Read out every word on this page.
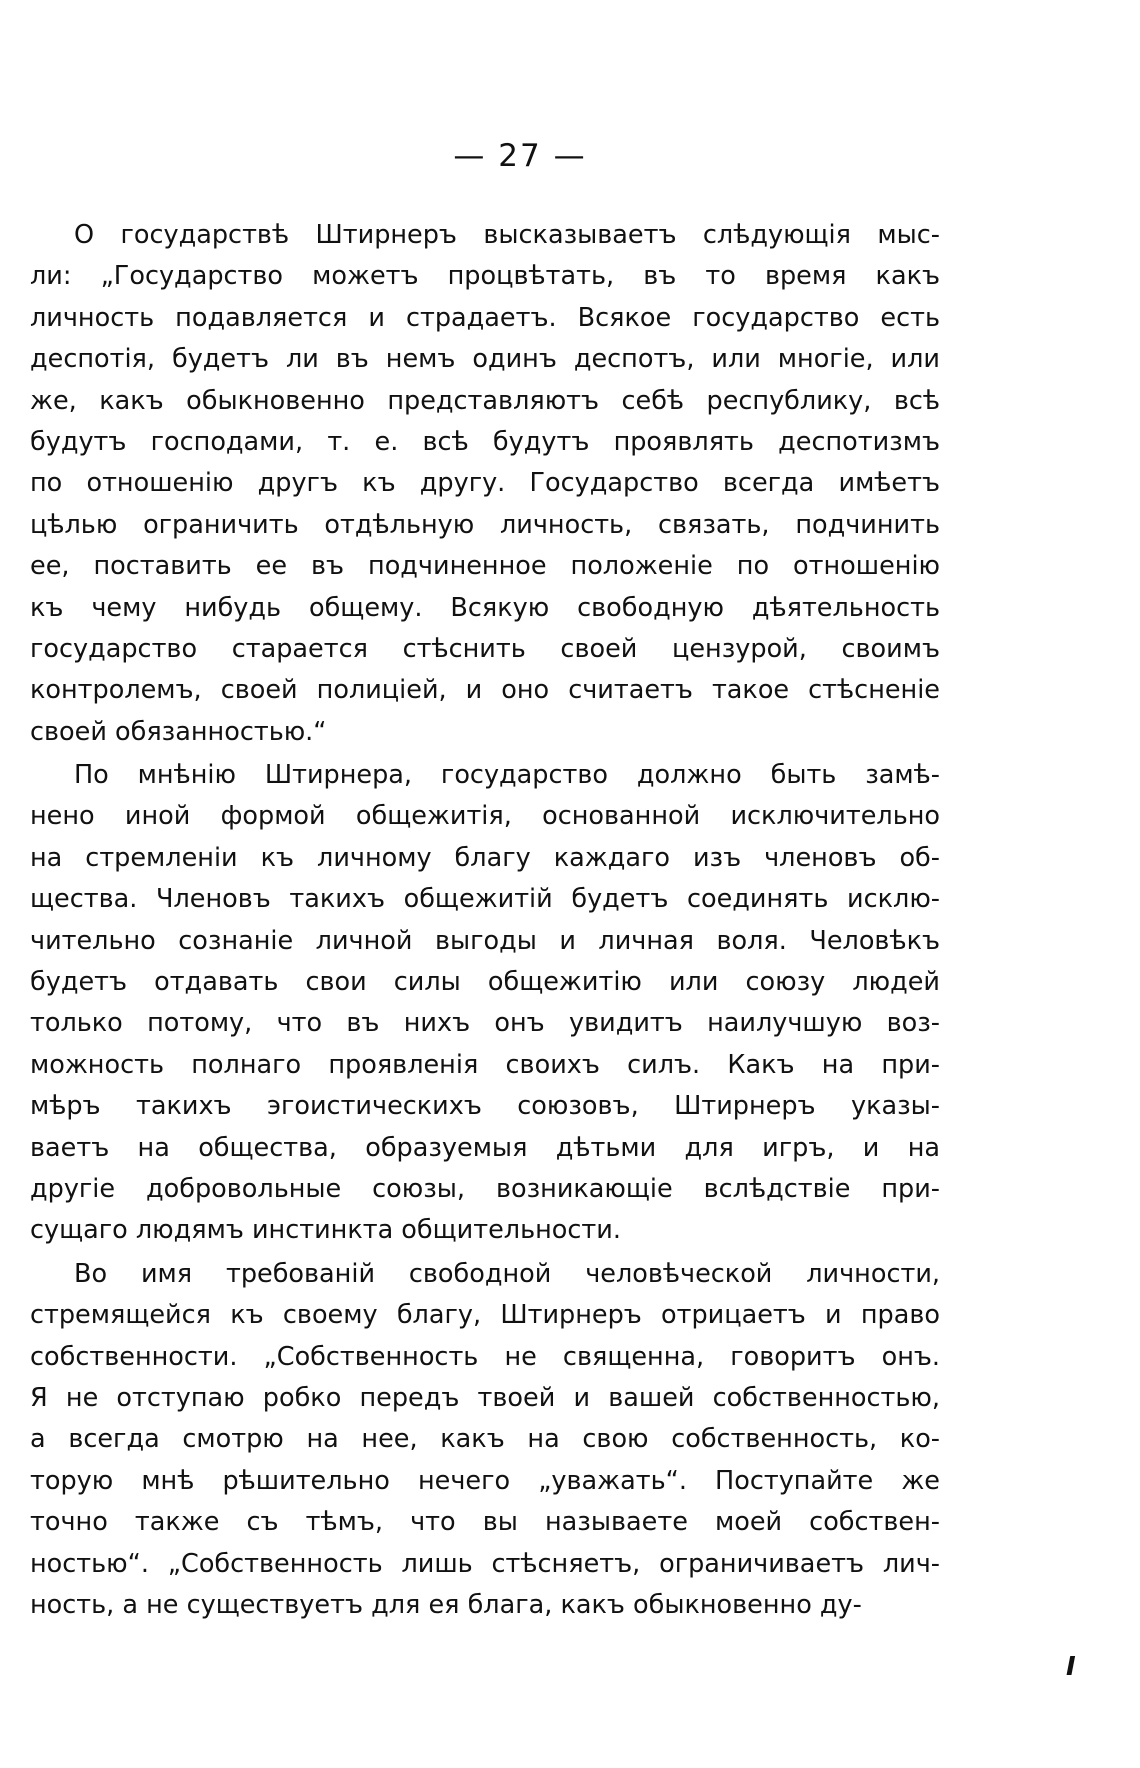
— 27 —
О государствѣ Штирнеръ высказываетъ слѣдующія мыс-
ли: „Государство можетъ процвѣтать, въ то время какъ
личность подавляется и страдаетъ. Всякое государство есть
деспотія, будетъ ли въ немъ одинъ деспотъ, или многіе, или
же, какъ обыкновенно представляютъ себѣ республику, всѣ
будутъ господами, т. е. всѣ будутъ проявлять деспотизмъ
по отношенію другъ къ другу. Государство всегда имѣетъ
цѣлью ограничить отдѣльную личность, связать, подчинить
ее, поставить ее въ подчиненное положеніе по отношенію
къ чему нибудь общему. Всякую свободную дѣятельность
государство старается стѣснить своей цензурой, своимъ
контролемъ, своей полиціей, и оно считаетъ такое стѣсненіе
своей обязанностью.“
По мнѣнію Штирнера, государство должно быть замѣ-
нено иной формой общежитія, основанной исключительно
на стремленіи къ личному благу каждаго изъ членовъ об-
щества. Членовъ такихъ общежитій будетъ соединять исклю-
чительно сознаніе личной выгоды и личная воля. Человѣкъ
будетъ отдавать свои силы общежитію или союзу людей
только потому, что въ нихъ онъ увидитъ наилучшую воз-
можность полнаго проявленія своихъ силъ. Какъ на при-
мѣръ такихъ эгоистическихъ союзовъ, Штирнеръ указы-
ваетъ на общества, образуемыя дѣтьми для игръ, и на
другіе добровольные союзы, возникающіе вслѣдствіе при-
сущаго людямъ инстинкта общительности.
Во имя требованій свободной человѣческой личности,
стремящейся къ своему благу, Штирнеръ отрицаетъ и право
собственности. „Собственность не священна, говоритъ онъ.
Я не отступаю робко передъ твоей и вашей собственностью,
а всегда смотрю на нее, какъ на свою собственность, ко-
торую мнѣ рѣшительно нечего „уважать“. Поступайте же
точно также съ тѣмъ, что вы называете моей собствен-
ностью“. „Собственность лишь стѣсняетъ, ограничиваетъ лич-
ность, а не существуетъ для ея блага, какъ обыкновенно ду-
I
